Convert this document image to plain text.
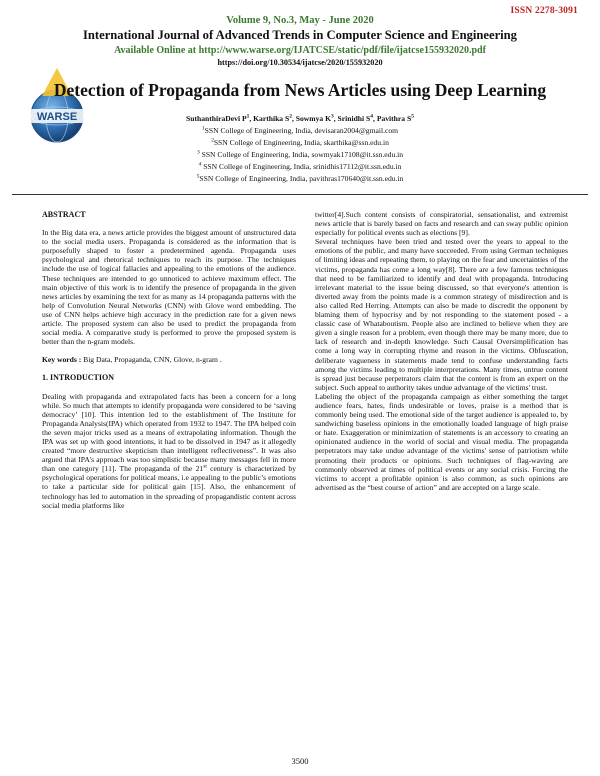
ISSN 2278-3091
Volume 9, No.3, May - June 2020
International Journal of Advanced Trends in Computer Science and Engineering
Available Online at http://www.warse.org/IJATCSE/static/pdf/file/ijatcse155932020.pdf
https://doi.org/10.30534/ijatcse/2020/155932020
WARSE
Detection of Propaganda from News Articles using Deep Learning
SuthanthiraDevi $P^1$, Karthika $S^2$, Sowmya $K^3$, Srinidhi $S^4$, Pavithra $S^5$
$^1$SSN College of Engineering, India, devisaran2004@gmail.com
$^2$SSN College of Engineering, India, skarthika@ssn.edu.in
$^3$ SSN College of Engineering, India, sowmyak17108@it.ssn.edu.in
$^4$ SSN College of Engineering, India, srinidhis17112@it.ssn.edu.in
$^5$SSN College of Engineering, India, pavithras170640@it.ssn.edu.in
ABSTRACT

In the Big data era, a news article provides the biggest amount of unstructured data to the social media users. Propaganda is considered as the information that is purposefully shaped to foster a predetermined agenda. Propaganda uses psychological and rhetorical techniques to reach its purpose. The techniques include the use of logical fallacies and appealing to the emotions of the audience. These techniques are intended to go unnoticed to achieve maximum effect. The main objective of this work is to identify the presence of propaganda in the given news articles by examining the text for as many as 14 propaganda patterns with the help of Convolution Neural Networks (CNN) with Glove word embedding. The use of CNN helps achieve high accuracy in the prediction rate for a given news article. The proposed system can also be used to predict the propaganda from social media. A comparative study is performed to prove the proposed system is better than the n-gram models.

Key words : Big Data, Propaganda, CNN, Glove, n-gram .

1. INTRODUCTION

Dealing with propaganda and extrapolated facts has been a concern for a long while. So much that attempts to identify propaganda were considered to be ‘saving democracy’ [10]. This intention led to the establishment of The Institute for Propaganda Analysis(IPA) which operated from 1932 to 1947. The IPA helped coin the seven major tricks used as a means of extrapolating information. Though the IPA was set up with good intentions, it had to be dissolved in 1947 as it allegedly created “more destructive skepticism than intelligent reflectiveness”. It was also argued that IPA's approach was too simplistic because many messages fell in more than one category [11]. The propaganda of the 21st century is characterized by psychological operations for political means, i.e appealing to the public’s emotions to take a particular side for political gain [15]. Also, the enhancement of technology has led to automation in the spreading of propagandistic content across social media platforms like

twitter[4].Such content consists of conspiratorial, sensationalist, and extremist news article that is barely based on facts and research and can sway public opinion especially for political events such as elections [9].

Several techniques have been tried and tested over the years to appeal to the emotions of the public, and many have succeeded. From using German techniques of limiting ideas and repeating them, to playing on the fear and uncertainties of the victims, propaganda has come a long way[8]. There are a few famous techniques that need to be familiarized to identify and deal with propaganda. Introducing irrelevant material to the issue being discussed, so that everyone's attention is diverted away from the points made is a common strategy of misdirection and is also called Red Herring. Attempts can also be made to discredit the opponent by blaming them of hypocrisy and by not responding to the statement posed - a classic case of Whataboutism. People also are inclined to believe when they are given a single reason for a problem, even though there may be many more, due to lack of research and in-depth knowledge. Such Causal Oversimplification has come a long way in corrupting rhyme and reason in the victims. Obfuscation, deliberate vagueness in statements made tend to confuse understanding facts among the victims leading to multiple interpretations. Many times, untrue content is spread just because perpetrators claim that the content is from an expert on the subject. Such appeal to authority takes undue advantage of the victims' trust.

Labeling the object of the propaganda campaign as either something the target audience fears, hates, finds undesirable or loves, praise is a method that is commonly being used. The emotional side of the target audience is appealed to, by sandwiching baseless opinions in the emotionally loaded language of high praise or hate. Exaggeration or minimization of statements is an accessory to creating an opinionated audience in the world of social and visual media. The propaganda perpetrators may take undue advantage of the victims' sense of patriotism while promoting their products or opinions. Such techniques of flag-waving are commonly observed at times of political events or any social crisis. Forcing the victims to accept a profitable opinion is also common, as such opinions are advertised as the “best course of action” and are accepted on a large scale.

3500
